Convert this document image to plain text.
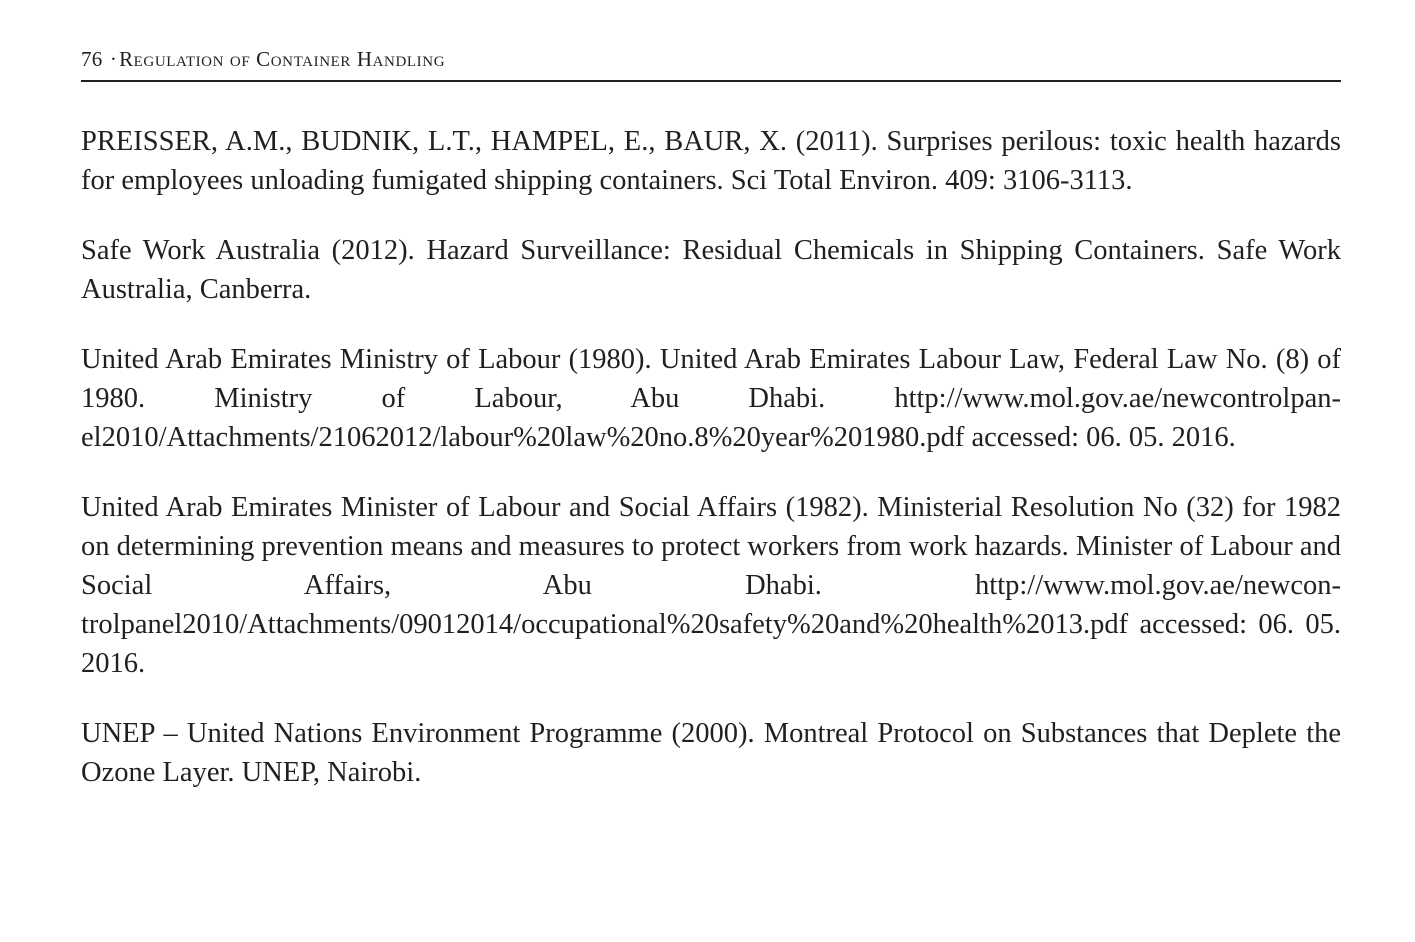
76 ·Regulation of Container Handling

PREISSER, A.M., BUDNIK, L.T., HAMPEL, E., BAUR, X. (2011). Surprises perilous: toxic health hazards for employees unloading fumigated shipping containers. Sci Total Environ. 409: 3106-3113.

Safe Work Australia (2012). Hazard Surveillance: Residual Chemicals in Shipping Containers. Safe Work Australia, Canberra.

United Arab Emirates Ministry of Labour (1980). United Arab Emirates Labour Law, Federal Law No. (8) of 1980. Ministry of Labour, Abu Dhabi. http://www.mol.gov.ae/newcontrolpan-el2010/Attachments/21062012/labour%20law%20no.8%20year%201980.pdf accessed: 06. 05. 2016.

United Arab Emirates Minister of Labour and Social Affairs (1982). Ministerial Resolution No (32) for 1982 on determining prevention means and measures to protect workers from work hazards. Minister of Labour and Social Affairs, Abu Dhabi. http://www.mol.gov.ae/newcon-trolpanel2010/Attachments/09012014/occupational%20safety%20and%20health%2013.pdf accessed: 06. 05. 2016.

UNEP – United Nations Environment Programme (2000). Montreal Protocol on Substances that Deplete the Ozone Layer. UNEP, Nairobi.
